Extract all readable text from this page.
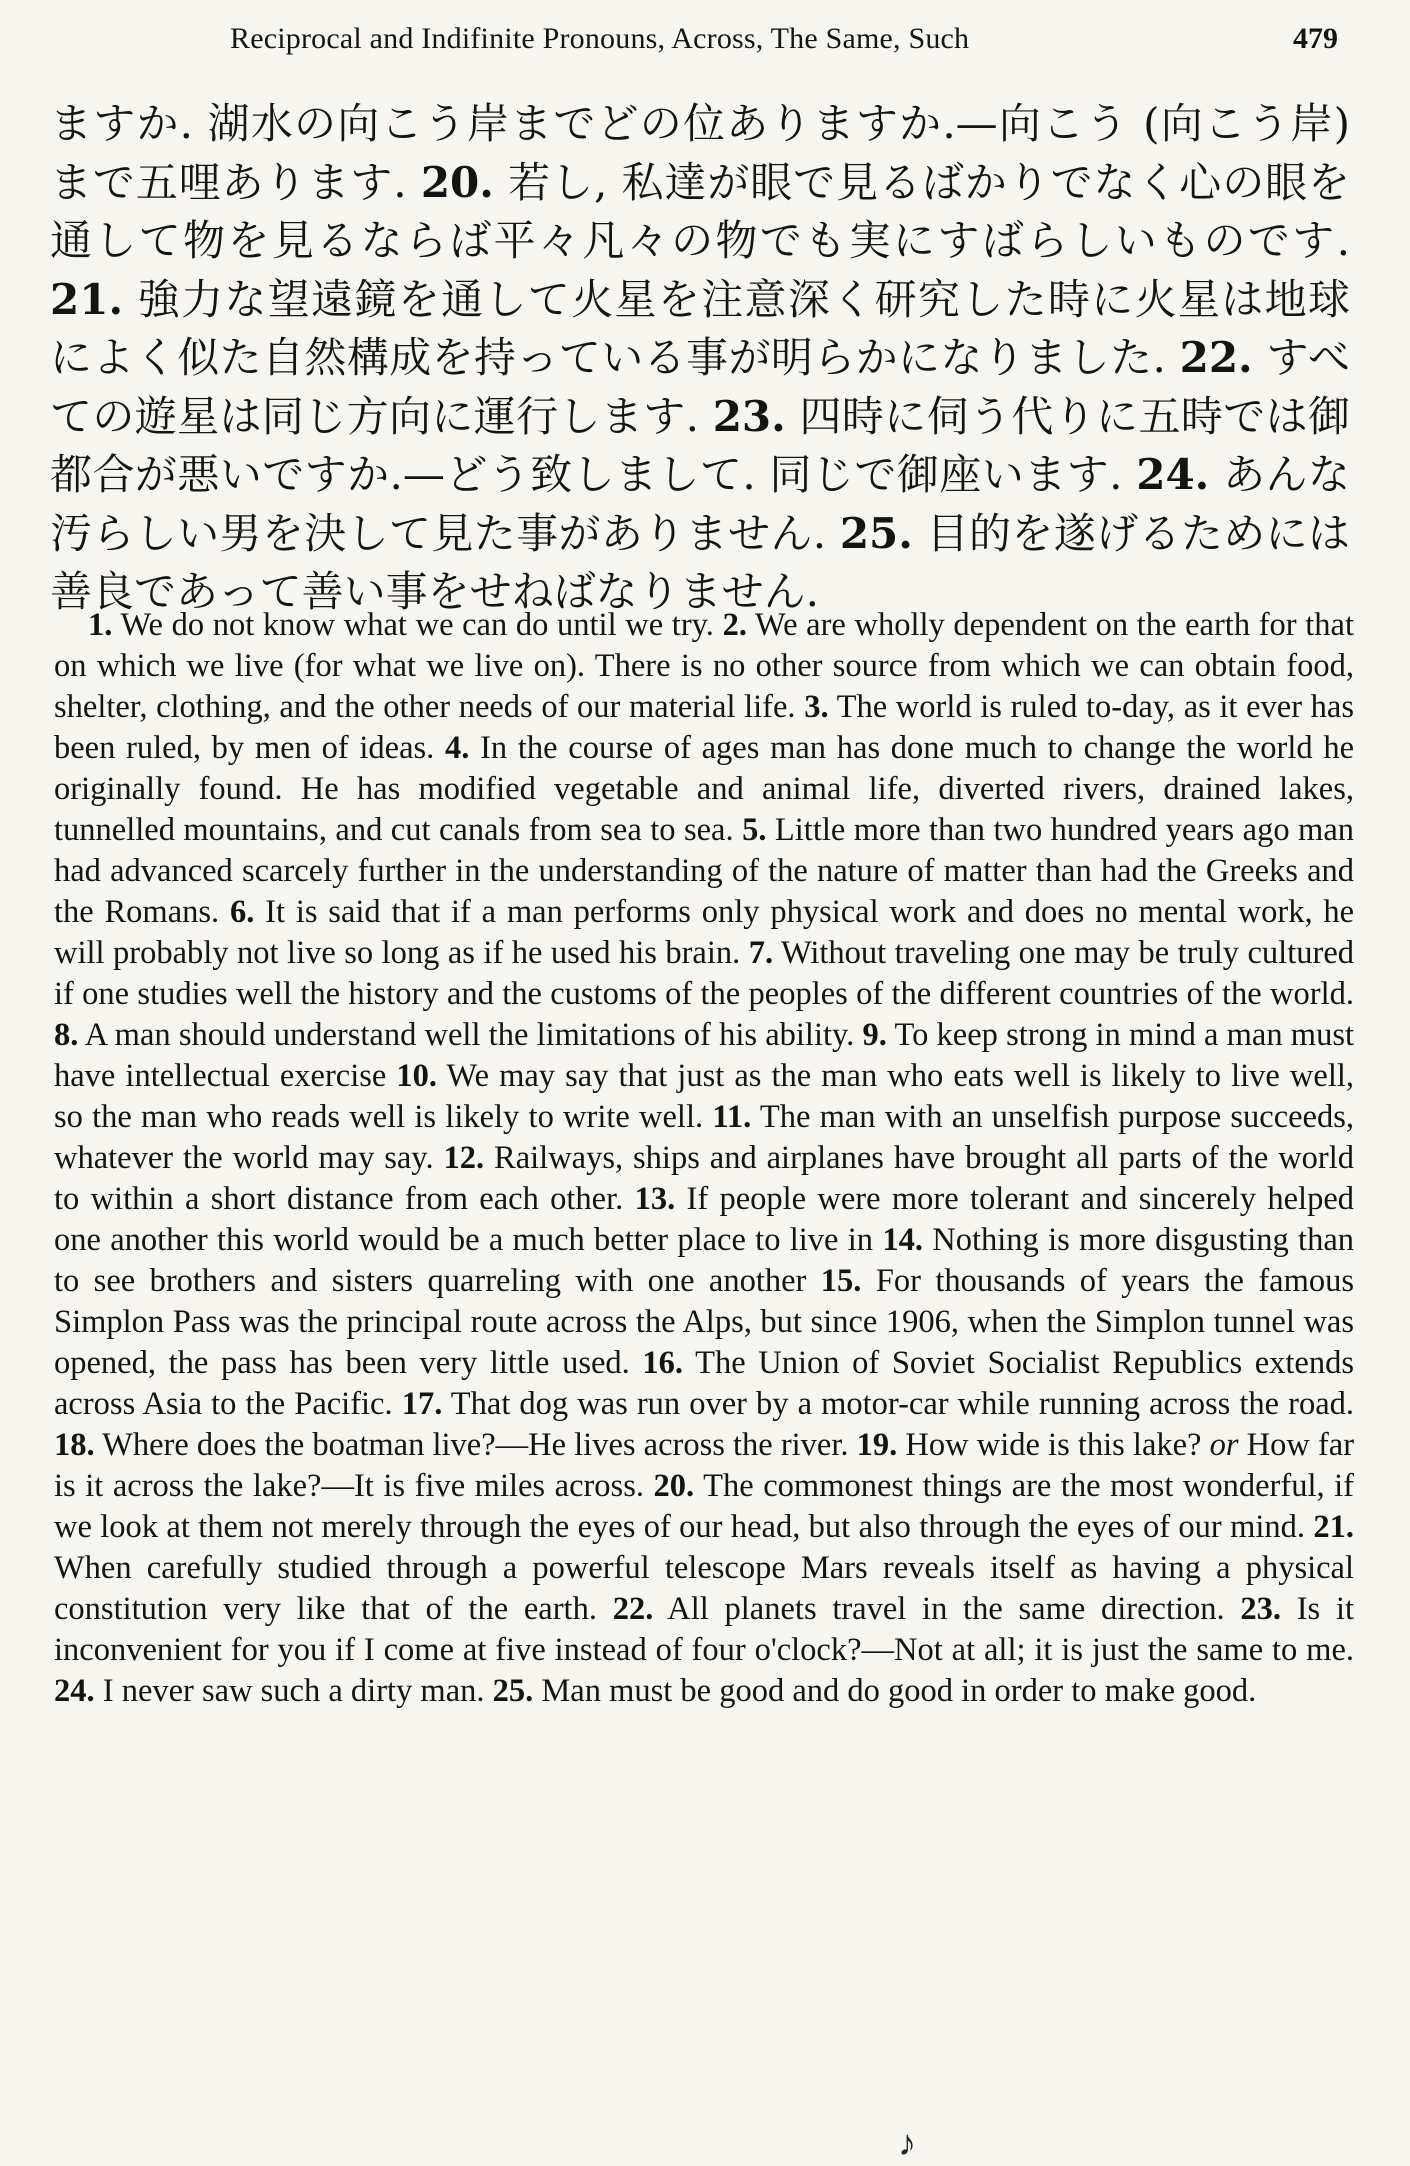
Reciprocal and Indifinite Pronouns, Across, The Same, Such	479
ますか. 湖水の向こう岸までどの位ありますか.—向こう (向こう岸) まで五哩あります. 20. 若し, 私達が眼で見るばかりでなく心の眼を通して物を見るならば平々凡々の物でも実にすばらしいものです. 21. 強力な望遠鏡を通して火星を注意深く研究した時に火星は地球によく似た自然構成を持っている事が明らかになりました. 22. すべての遊星は同じ方向に運行します. 23. 四時に伺う代りに五時では御都合が悪いですか.—どう致しまして. 同じで御座います. 24. あんな汚らしい男を決して見た事がありません. 25. 目的を遂げるためには善良であって善い事をせねばなりません.
1. We do not know what we can do until we try. 2. We are wholly dependent on the earth for that on which we live (for what we live on). There is no other source from which we can obtain food, shelter, clothing, and the other needs of our material life. 3. The world is ruled to-day, as it ever has been ruled, by men of ideas. 4. In the course of ages man has done much to change the world he originally found. He has modified vegetable and animal life, diverted rivers, drained lakes, tunnelled mountains, and cut canals from sea to sea. 5. Little more than two hundred years ago man had advanced scarcely further in the understanding of the nature of matter than had the Greeks and the Romans. 6. It is said that if a man performs only physical work and does no mental work, he will probably not live so long as if he used his brain. 7. Without traveling one may be truly cultured if one studies well the history and the customs of the peoples of the different countries of the world. 8. A man should understand well the limitations of his ability. 9. To keep strong in mind a man must have intellectual exercise 10. We may say that just as the man who eats well is likely to live well, so the man who reads well is likely to write well. 11. The man with an unselfish purpose succeeds, whatever the world may say. 12. Railways, ships and airplanes have brought all parts of the world to within a short distance from each other. 13. If people were more tolerant and sincerely helped one another this world would be a much better place to live in 14. Nothing is more disgusting than to see brothers and sisters quarreling with one another 15. For thousands of years the famous Simplon Pass was the principal route across the Alps, but since 1906, when the Simplon tunnel was opened, the pass has been very little used. 16. The Union of Soviet Socialist Republics extends across Asia to the Pacific. 17. That dog was run over by a motor-car while running across the road. 18. Where does the boatman live?—He lives across the river. 19. How wide is this lake? or How far is it across the lake?—It is five miles across. 20. The commonest things are the most wonderful, if we look at them not merely through the eyes of our head, but also through the eyes of our mind. 21. When carefully studied through a powerful telescope Mars reveals itself as having a physical constitution very like that of the earth. 22. All planets travel in the same direction. 23. Is it inconvenient for you if I come at five instead of four o'clock?—Not at all; it is just the same to me. 24. I never saw such a dirty man. 25. Man must be good and do good in order to make good.
♪
